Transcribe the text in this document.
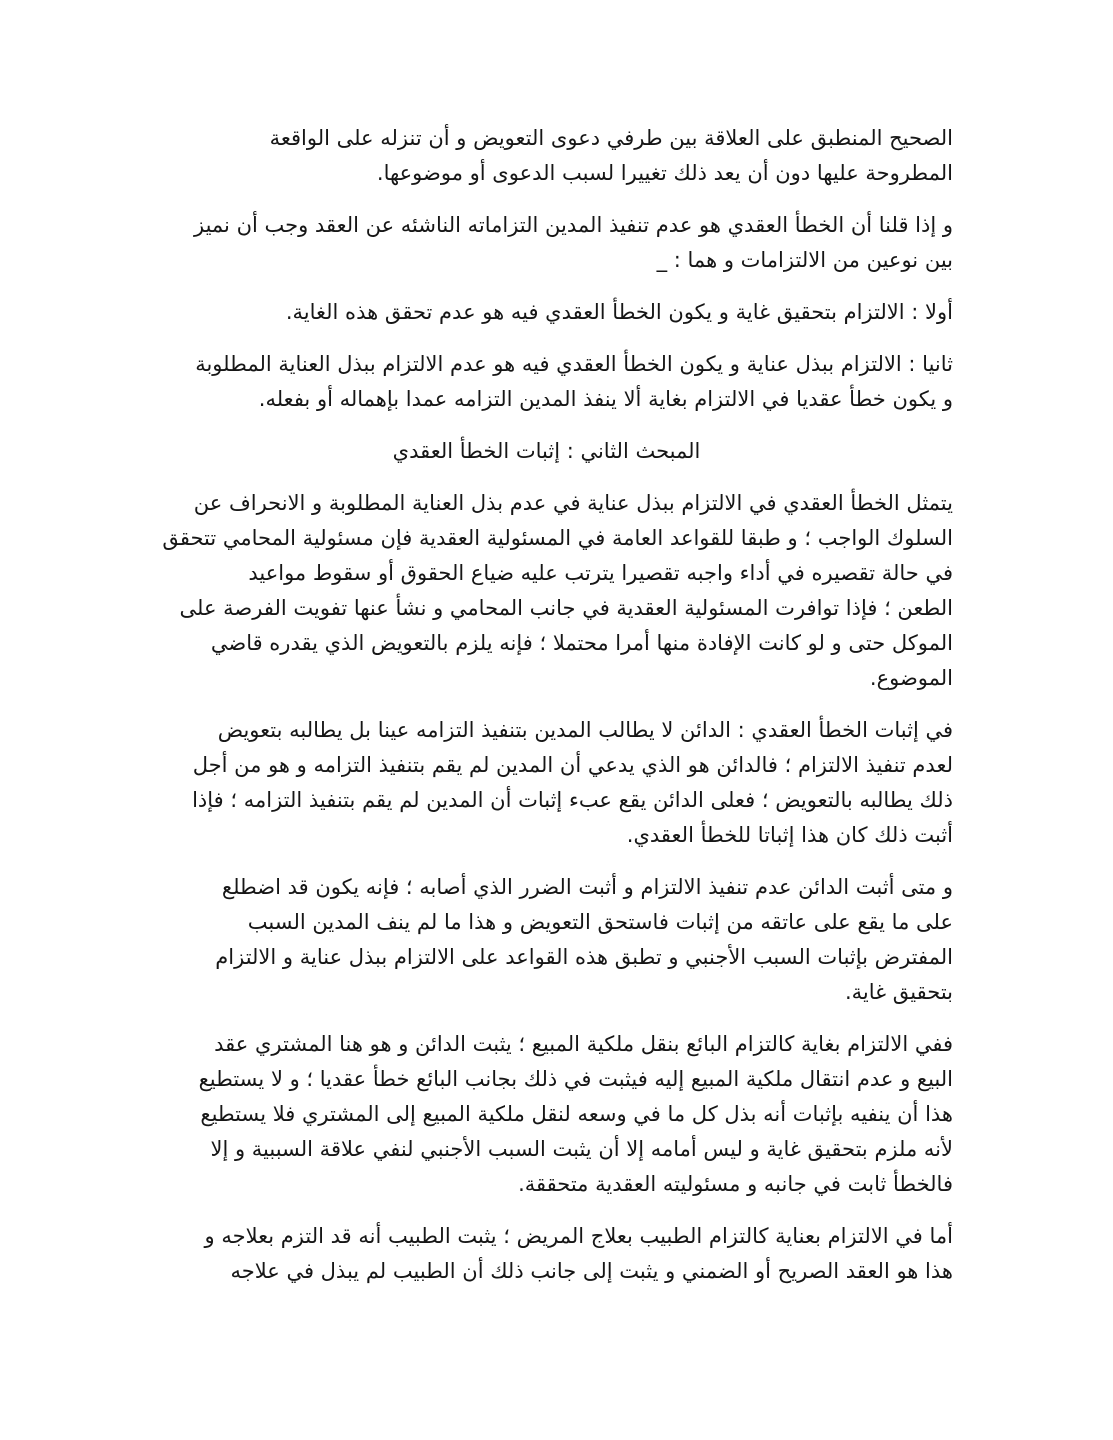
الصحيح المنطبق على العلاقة بين طرفي دعوى التعويض و أن تنزله على الواقعة
المطروحة عليها دون أن يعد ذلك تغييرا لسبب الدعوى أو موضوعها.
و إذا قلنا أن الخطأ العقدي هو عدم تنفيذ المدين التزاماته الناشئه عن العقد وجب أن نميز
بين نوعين من الالتزامات و هما : _
أولا : الالتزام بتحقيق غاية و يكون الخطأ العقدي فيه هو عدم تحقق هذه الغاية.
ثانيا : الالتزام ببذل عناية و يكون الخطأ العقدي فيه هو عدم الالتزام ببذل العناية المطلوبة
و يكون خطأ عقديا في الالتزام بغاية ألا ينفذ المدين التزامه عمدا بإهماله أو بفعله.
المبحث الثاني : إثبات الخطأ العقدي
يتمثل الخطأ العقدي في الالتزام ببذل عناية في عدم بذل العناية المطلوبة و الانحراف عن
السلوك الواجب ؛ و طبقا للقواعد العامة في المسئولية العقدية فإن مسئولية المحامي تتحقق
في حالة تقصيره في أداء واجبه تقصيرا يترتب عليه ضياع الحقوق أو سقوط مواعيد
الطعن ؛ فإذا توافرت المسئولية العقدية في جانب المحامي و نشأ عنها تفويت الفرصة على
الموكل حتى و لو كانت الإفادة منها أمرا محتملا ؛ فإنه يلزم بالتعويض الذي يقدره قاضي
الموضوع.
في إثبات الخطأ العقدي : الدائن لا يطالب المدين بتنفيذ التزامه عينا بل يطالبه بتعويض
لعدم تنفيذ الالتزام ؛ فالدائن هو الذي يدعي أن المدين لم يقم بتنفيذ التزامه و هو من أجل
ذلك يطالبه بالتعويض ؛ فعلى الدائن يقع عبء إثبات أن المدين لم يقم بتنفيذ التزامه ؛ فإذا
أثبت ذلك كان هذا إثباتا للخطأ العقدي.
و متى أثبت الدائن عدم تنفيذ الالتزام و أثبت الضرر الذي أصابه ؛ فإنه يكون قد اضطلع
على ما يقع على عاتقه من إثبات فاستحق التعويض و هذا ما لم ينف المدين السبب
المفترض بإثبات السبب الأجنبي و تطبق هذه القواعد على الالتزام ببذل عناية و الالتزام
بتحقيق غاية.
ففي الالتزام بغاية كالتزام البائع بنقل ملكية المبيع ؛ يثبت الدائن و هو هنا المشتري عقد
البيع و عدم انتقال ملكية المبيع إليه فيثبت في ذلك بجانب البائع خطأ عقديا ؛ و لا يستطيع
هذا أن ينفيه بإثبات أنه بذل كل ما في وسعه لنقل ملكية المبيع إلى المشتري فلا يستطيع
لأنه ملزم بتحقيق غاية و ليس أمامه إلا أن يثبت السبب الأجنبي لنفي علاقة السببية و إلا
فالخطأ ثابت في جانبه و مسئوليته العقدية متحققة.
أما في الالتزام بعناية كالتزام الطبيب بعلاج المريض ؛ يثبت الطبيب أنه قد التزم بعلاجه و
هذا هو العقد الصريح أو الضمني و يثبت إلى جانب ذلك أن الطبيب لم يبذل في علاجه
